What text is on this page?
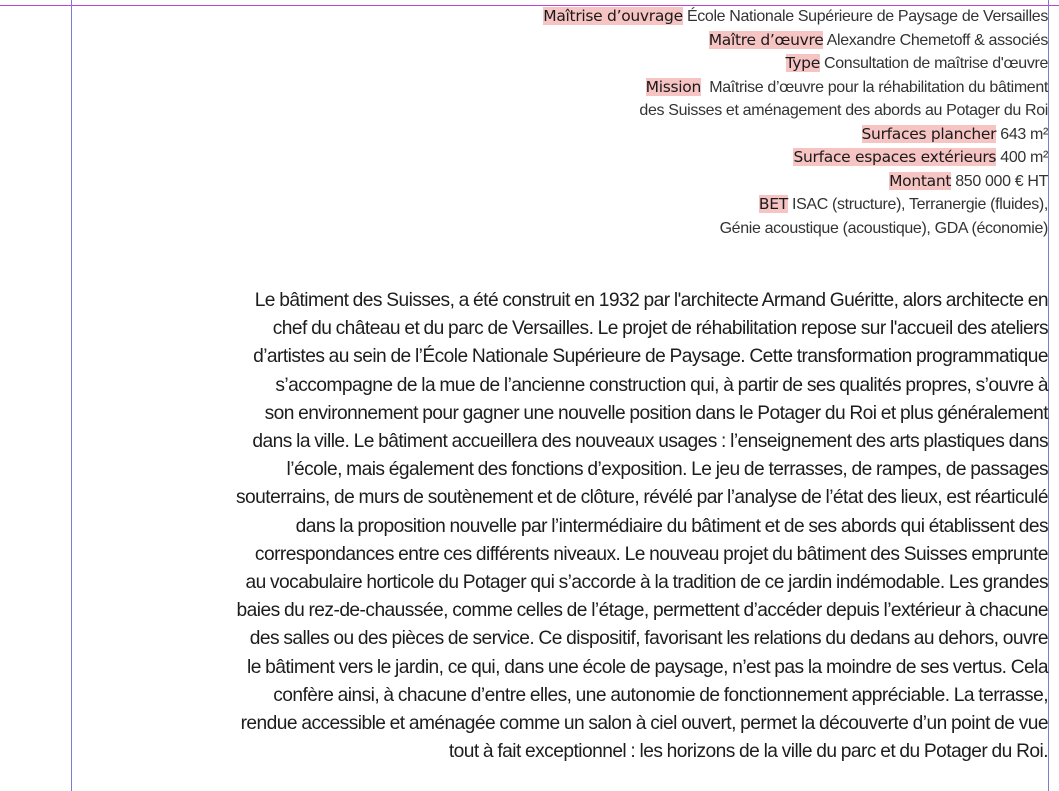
Maîtrise d’ouvrage École Nationale Supérieure de Paysage de Versailles
Maître d’œuvre Alexandre Chemetoff & associés
Type Consultation de maîtrise d'œuvre
Mission  Maîtrise d’œuvre pour la réhabilitation du bâtiment
des Suisses et aménagement des abords au Potager du Roi
Surfaces plancher 643 m²
Surface espaces extérieurs 400 m²
Montant 850 000 € HT
BET ISAC (structure), Terranergie (fluides),
Génie acoustique (acoustique), GDA (économie)
Le bâtiment des Suisses, a été construit en 1932 par l'architecte Armand Guéritte, alors architecte en
chef du château et du parc de Versailles. Le projet de réhabilitation repose sur l'accueil des ateliers
d’artistes au sein de l’École Nationale Supérieure de Paysage. Cette transformation programmatique
s’accompagne de la mue de l’ancienne construction qui, à partir de ses qualités propres, s’ouvre à
son environnement pour gagner une nouvelle position dans le Potager du Roi et plus généralement
dans la ville. Le bâtiment accueillera des nouveaux usages : l’enseignement des arts plastiques dans
l’école, mais également des fonctions d’exposition. Le jeu de terrasses, de rampes, de passages
souterrains, de murs de soutènement et de clôture, révélé par l’analyse de l’état des lieux, est réarticulé
dans la proposition nouvelle par l’intermédiaire du bâtiment et de ses abords qui établissent des
correspondances entre ces différents niveaux. Le nouveau projet du bâtiment des Suisses emprunte
au vocabulaire horticole du Potager qui s’accorde à la tradition de ce jardin indémodable. Les grandes
baies du rez-de-chaussée, comme celles de l’étage, permettent d’accéder depuis l’extérieur à chacune
des salles ou des pièces de service. Ce dispositif, favorisant les relations du dedans au dehors, ouvre
le bâtiment vers le jardin, ce qui, dans une école de paysage, n’est pas la moindre de ses vertus. Cela
confère ainsi, à chacune d’entre elles, une autonomie de fonctionnement appréciable. La terrasse,
rendue accessible et aménagée comme un salon à ciel ouvert, permet la découverte d’un point de vue
tout à fait exceptionnel : les horizons de la ville du parc et du Potager du Roi.
